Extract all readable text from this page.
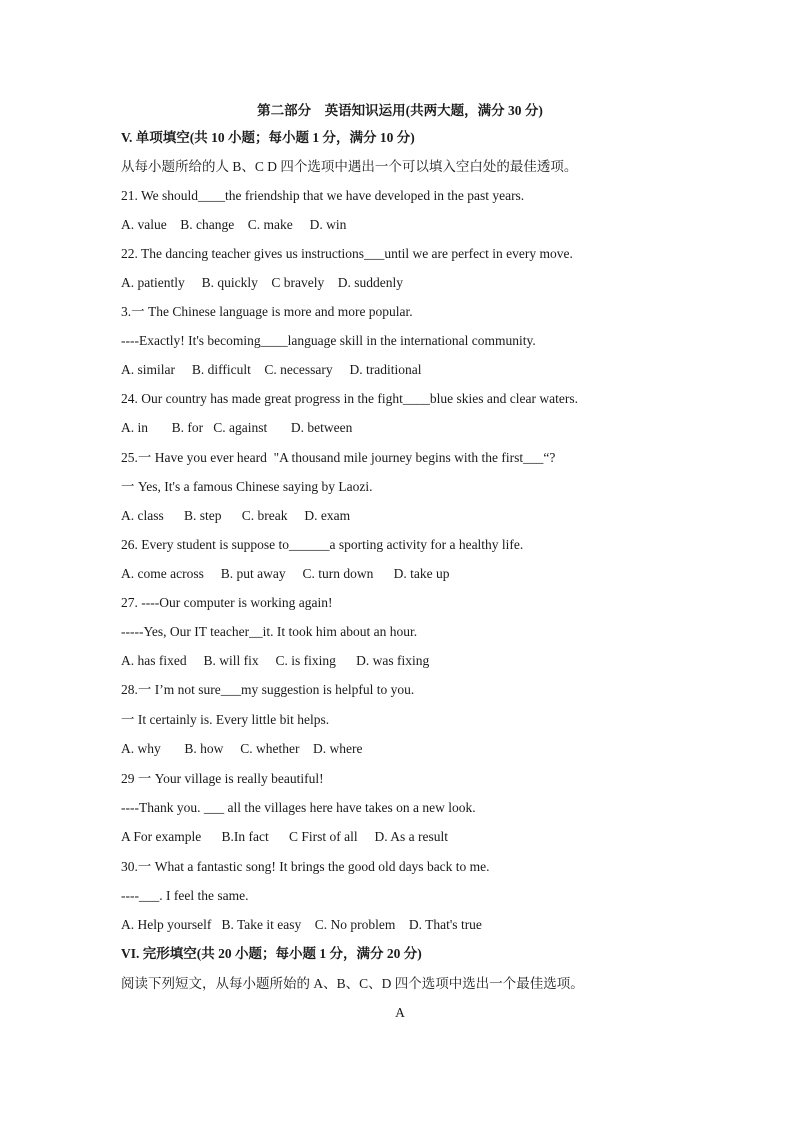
第二部分    英语知识运用(共两大题，满分 30 分)
V. 单项填空(共 10 小题；每小题 1 分，满分 10 分)
从每小题所给的人 B、C D 四个选项中遇出一个可以填入空白处的最佳透项。
21. We should____the friendship that we have developed in the past years.
A. value    B. change    C. make     D. win
22. The dancing teacher gives us instructions___until we are perfect in every move.
A. patiently     B. quickly    C bravely    D. suddenly
3.一 The Chinese language is more and more popular.
----Exactly! It's becoming____language skill in the international community.
A. similar     B. difficult    C. necessary     D. traditional
24. Our country has made great progress in the fight____blue skies and clear waters.
A. in       B. for   C. against       D. between
25.一 Have you ever heard  "A thousand mile journey begins with the first___“?
一 Yes, It's a famous Chinese saying by Laozi.
A. class      B. step      C. break     D. exam
26. Every student is suppose to______a sporting activity for a healthy life.
A. come across     B. put away     C. turn down      D. take up
27. ----Our computer is working again!
-----Yes, Our IT teacher__it. It took him about an hour.
A. has fixed     B. will fix     C. is fixing      D. was fixing
28.一 I’m not sure___my suggestion is helpful to you.
一 It certainly is. Every little bit helps.
A. why       B. how     C. whether    D. where
29 一 Your village is really beautiful!
----Thank you. ___ all the villages here have takes on a new look.
A For example      B.In fact      C First of all     D. As a result
30.一 What a fantastic song! It brings the good old days back to me.
----___. I feel the same.
A. Help yourself   B. Take it easy    C. No problem    D. That's true
VI. 完形填空(共 20 小题；每小题 1 分，满分 20 分)
阅读下列短文，从每小题所始的 A、B、C、D 四个选项中选出一个最佳选项。
A
